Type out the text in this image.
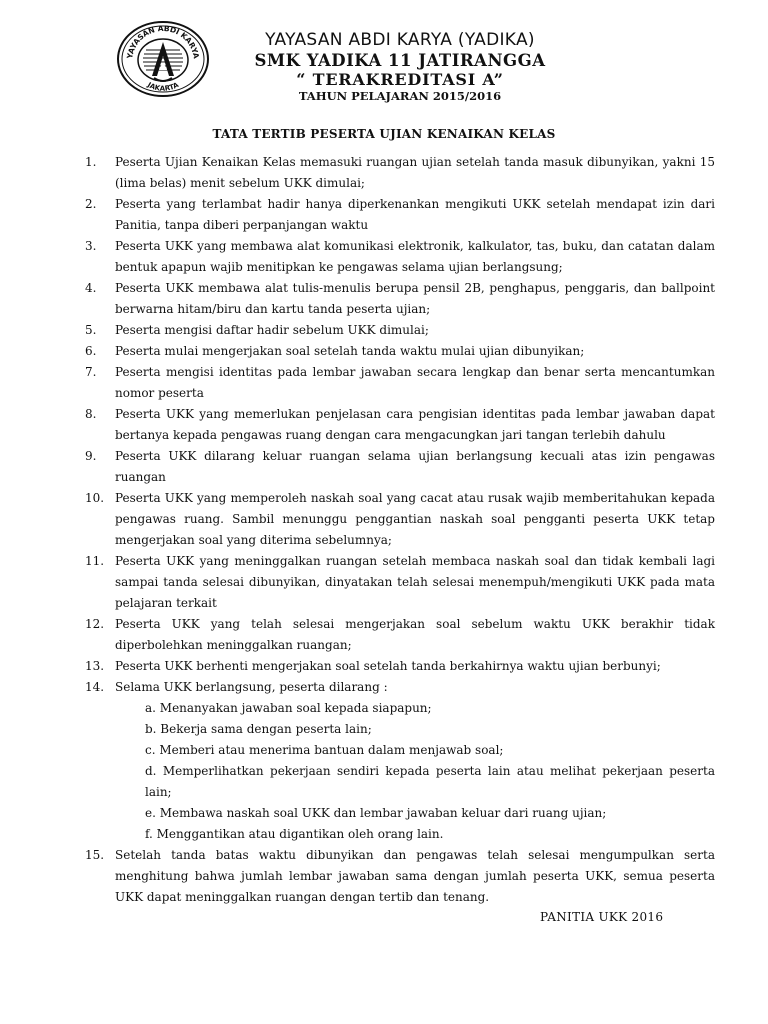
YAYASAN ABDI KARYA
JAKARTA
YAYASAN ABDI KARYA (YADIKA)
SMK YADIKA 11 JATIRANGGA
“ TERAKREDITASI A”
TAHUN PELAJARAN 2015/2016
TATA TERTIB PESERTA UJIAN KENAIKAN KELAS
1.	Peserta Ujian Kenaikan Kelas memasuki ruangan ujian setelah tanda masuk dibunyikan, yakni 15 (lima belas) menit sebelum UKK dimulai;
2.	Peserta yang terlambat hadir hanya diperkenankan mengikuti UKK setelah mendapat izin dari Panitia, tanpa diberi perpanjangan waktu
3.	Peserta UKK yang membawa alat komunikasi elektronik, kalkulator, tas, buku, dan catatan dalam bentuk apapun wajib menitipkan ke pengawas selama ujian berlangsung;
4.	Peserta UKK membawa alat tulis-menulis berupa pensil 2B, penghapus, penggaris, dan ballpoint berwarna hitam/biru dan kartu tanda peserta ujian;
5.	Peserta mengisi daftar hadir sebelum UKK dimulai;
6.	Peserta mulai mengerjakan soal setelah tanda waktu mulai ujian dibunyikan;
7.	Peserta mengisi identitas pada lembar jawaban secara lengkap dan benar serta mencantumkan nomor peserta
8.	Peserta UKK yang memerlukan penjelasan cara pengisian identitas pada lembar jawaban dapat bertanya kepada pengawas ruang dengan cara mengacungkan jari tangan terlebih dahulu
9.	Peserta UKK dilarang keluar ruangan selama ujian berlangsung kecuali atas izin pengawas ruangan
10. Peserta UKK yang memperoleh naskah soal yang cacat atau rusak wajib memberitahukan kepada pengawas ruang. Sambil menunggu penggantian naskah soal pengganti peserta UKK tetap mengerjakan soal yang diterima sebelumnya;
11. Peserta UKK yang meninggalkan ruangan setelah membaca naskah soal dan tidak kembali lagi sampai tanda selesai dibunyikan, dinyatakan telah selesai menempuh/mengikuti UKK pada mata pelajaran terkait
12. Peserta UKK yang telah selesai mengerjakan soal sebelum waktu UKK berakhir tidak diperbolehkan meninggalkan ruangan;
13. Peserta UKK berhenti mengerjakan soal setelah tanda berkahirnya waktu ujian berbunyi;
14. Selama UKK berlangsung, peserta dilarang :
a. Menanyakan jawaban soal kepada siapapun;
b. Bekerja sama dengan peserta lain;
c. Memberi atau menerima bantuan dalam menjawab soal;
d. Memperlihatkan pekerjaan sendiri kepada peserta lain atau melihat pekerjaan peserta lain;
e. Membawa naskah soal UKK dan lembar jawaban keluar dari ruang ujian;
f. Menggantikan atau digantikan oleh orang lain.
15. Setelah tanda batas waktu dibunyikan dan pengawas telah selesai mengumpulkan serta menghitung bahwa jumlah lembar jawaban sama dengan jumlah peserta UKK, semua peserta UKK dapat meninggalkan ruangan dengan tertib dan tenang.
PANITIA UKK 2016
